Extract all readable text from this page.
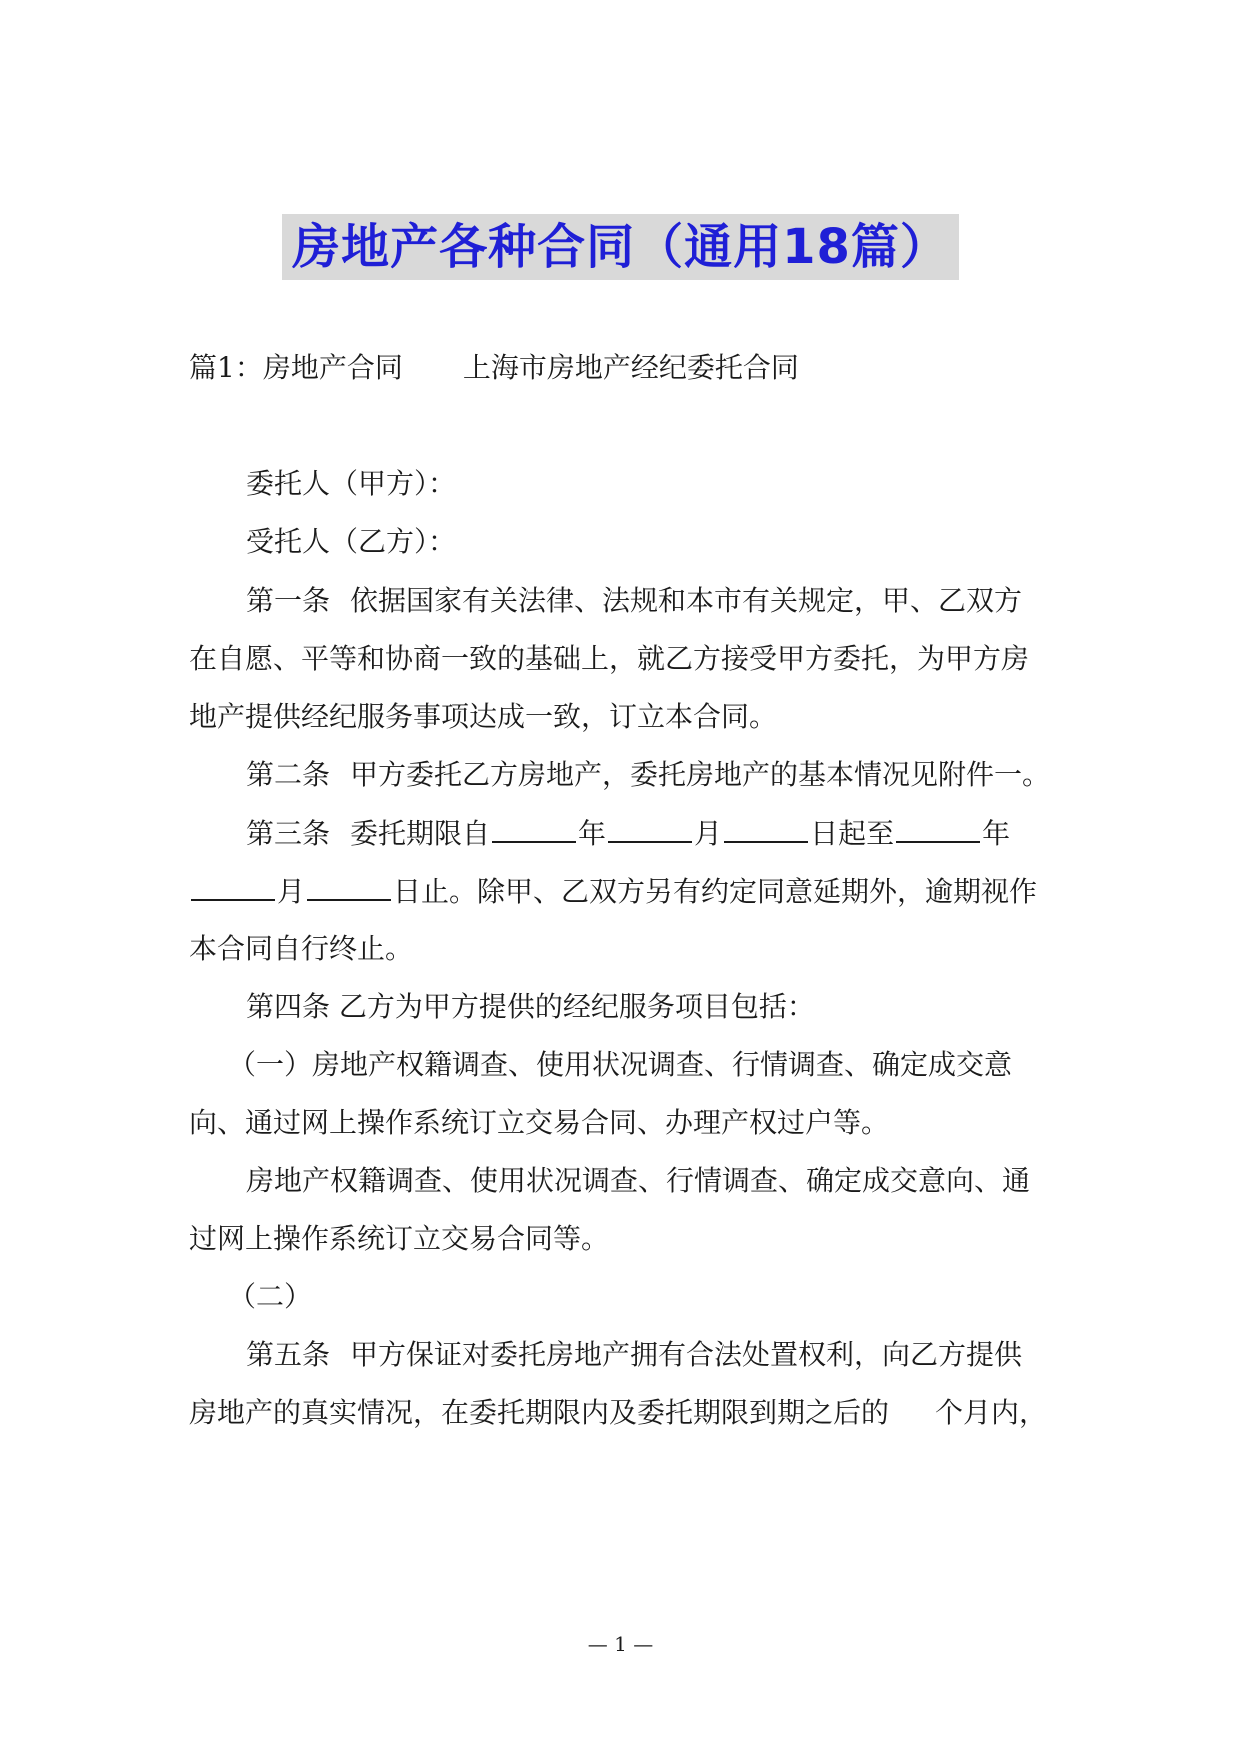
房地产各种合同（通用18篇）
篇1：房地产合同 上海市房地产经纪委托合同
委托人（甲方）：
受托人（乙方）：
第一条 依据国家有关法律、法规和本市有关规定，甲、乙双方
在自愿、平等和协商一致的基础上，就乙方接受甲方委托，为甲方房
地产提供经纪服务事项达成一致，订立本合同。
第二条 甲方委托乙方房地产，委托房地产的基本情况见附件一。
第三条 委托期限自	年	月	日起至	年
月	日止。除甲、乙双方另有约定同意延期外，逾期视作
本合同自行终止。
第四条 乙方为甲方提供的经纪服务项目包括：
（一）房地产权籍调查、使用状况调查、行情调查、确定成交意
向、通过网上操作系统订立交易合同、办理产权过户等。
房地产权籍调查、使用状况调查、行情调查、确定成交意向、通
过网上操作系统订立交易合同等。
（二）
第五条 甲方保证对委托房地产拥有合法处置权利，向乙方提供
房地产的真实情况，在委托期限内及委托期限到期之后的 个月内，
— 1 —
